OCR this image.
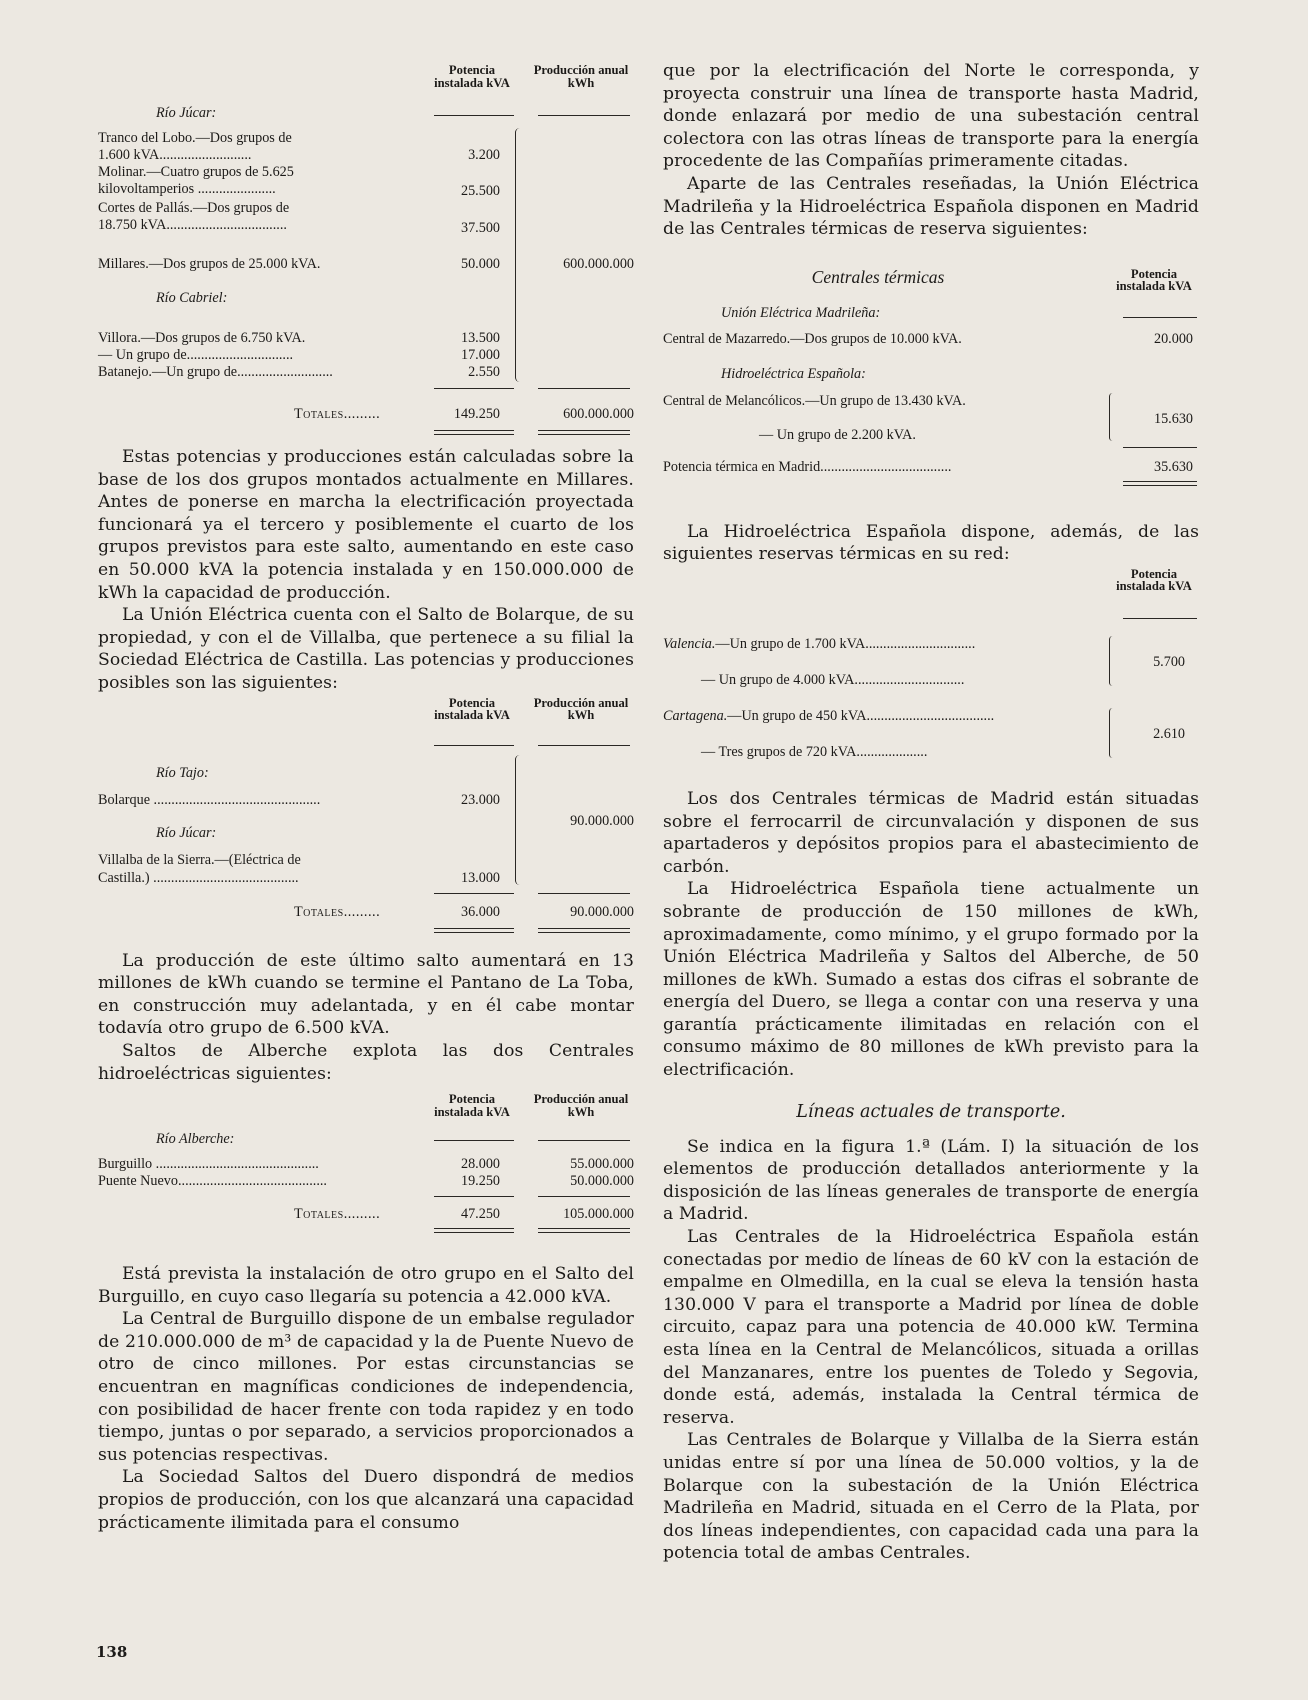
Potencia instalada kVA
Producción anual kWh
Río Júcar:
Tranco del Lobo.—Dos grupos de
1.600 kVA..........................	3.200
Molinar.—Cuatro grupos de 5.625
kilovoltamperios ......................	25.500
Cortes de Pallás.—Dos grupos de
18.750 kVA..................................	37.500
Millares.—Dos grupos de 25.000 kVA.	50.000	600.000.000
Río Cabriel:
Villora.—Dos grupos de 6.750 kVA.	13.500
— Un grupo de..............................	17.000
Batanejo.—Un grupo de...........................	2.550
Totales.........	149.250	600.000.000

Estas potencias y producciones están calculadas sobre la base de los dos grupos montados actualmente en Millares. Antes de ponerse en marcha la electrificación proyectada funcionará ya el tercero y posiblemente el cuarto de los grupos previstos para este salto, aumentando en este caso en 50.000 kVA la potencia instalada y en 150.000.000 de kWh la capacidad de producción.

La Unión Eléctrica cuenta con el Salto de Bolarque, de su propiedad, y con el de Villalba, que pertenece a su filial la Sociedad Eléctrica de Castilla. Las potencias y producciones posibles son las siguientes:

Potencia instalada kVA
Producción anual kWh
Río Tajo:
Bolarque ...............................................	23.000
90.000.000
Río Júcar:
Villalba de la Sierra.—(Eléctrica de
Castilla.) .........................................	13.000
Totales.........	36.000	90.000.000

La producción de este último salto aumentará en 13 millones de kWh cuando se termine el Pantano de La Toba, en construcción muy adelantada, y en él cabe montar todavía otro grupo de 6.500 kVA.

Saltos de Alberche explota las dos Centrales hidroeléctricas siguientes:

Potencia instalada kVA
Producción anual kWh
Río Alberche:
Burguillo ..............................................	28.000	55.000.000
Puente Nuevo..........................................	19.250	50.000.000
Totales.........	47.250	105.000.000

Está prevista la instalación de otro grupo en el Salto del Burguillo, en cuyo caso llegaría su potencia a 42.000 kVA.

La Central de Burguillo dispone de un embalse regulador de 210.000.000 de m³ de capacidad y la de Puente Nuevo de otro de cinco millones. Por estas circunstancias se encuentran en magníficas condiciones de independencia, con posibilidad de hacer frente con toda rapidez y en todo tiempo, juntas o por separado, a servicios proporcionados a sus potencias respectivas.

La Sociedad Saltos del Duero dispondrá de medios propios de producción, con los que alcanzará una capacidad prácticamente ilimitada para el consumo

que por la electrificación del Norte le corresponda, y proyecta construir una línea de transporte hasta Madrid, donde enlazará por medio de una subestación central colectora con las otras líneas de transporte para la energía procedente de las Compañías primeramente citadas.

Aparte de las Centrales reseñadas, la Unión Eléctrica Madrileña y la Hidroeléctrica Española disponen en Madrid de las Centrales térmicas de reserva siguientes:

Centrales térmicas	Potencia instalada kVA
Unión Eléctrica Madrileña:
Central de Mazarredo.—Dos grupos de 10.000 kVA.	20.000
Hidroeléctrica Española:
Central de Melancólicos.—Un grupo de 13.430 kVA.
— Un grupo de 2.200 kVA.
15.630
Potencia térmica en Madrid.....................................	35.630

La Hidroeléctrica Española dispone, además, de las siguientes reservas térmicas en su red:

Potencia instalada kVA
Valencia.—Un grupo de 1.700 kVA...............................
— Un grupo de 4.000 kVA...............................
5.700
Cartagena.—Un grupo de 450 kVA....................................
— Tres grupos de 720 kVA....................
2.610

Los dos Centrales térmicas de Madrid están situadas sobre el ferrocarril de circunvalación y disponen de sus apartaderos y depósitos propios para el abastecimiento de carbón.

La Hidroeléctrica Española tiene actualmente un sobrante de producción de 150 millones de kWh, aproximadamente, como mínimo, y el grupo formado por la Unión Eléctrica Madrileña y Saltos del Alberche, de 50 millones de kWh. Sumado a estas dos cifras el sobrante de energía del Duero, se llega a contar con una reserva y una garantía prácticamente ilimitadas en relación con el consumo máximo de 80 millones de kWh previsto para la electrificación.

Líneas actuales de transporte.

Se indica en la figura 1.ª (Lám. I) la situación de los elementos de producción detallados anteriormente y la disposición de las líneas generales de transporte de energía a Madrid.

Las Centrales de la Hidroeléctrica Española están conectadas por medio de líneas de 60 kV con la estación de empalme en Olmedilla, en la cual se eleva la tensión hasta 130.000 V para el transporte a Madrid por línea de doble circuito, capaz para una potencia de 40.000 kW. Termina esta línea en la Central de Melancólicos, situada a orillas del Manzanares, entre los puentes de Toledo y Segovia, donde está, además, instalada la Central térmica de reserva.

Las Centrales de Bolarque y Villalba de la Sierra están unidas entre sí por una línea de 50.000 voltios, y la de Bolarque con la subestación de la Unión Eléctrica Madrileña en Madrid, situada en el Cerro de la Plata, por dos líneas independientes, con capacidad cada una para la potencia total de ambas Centrales.

138
